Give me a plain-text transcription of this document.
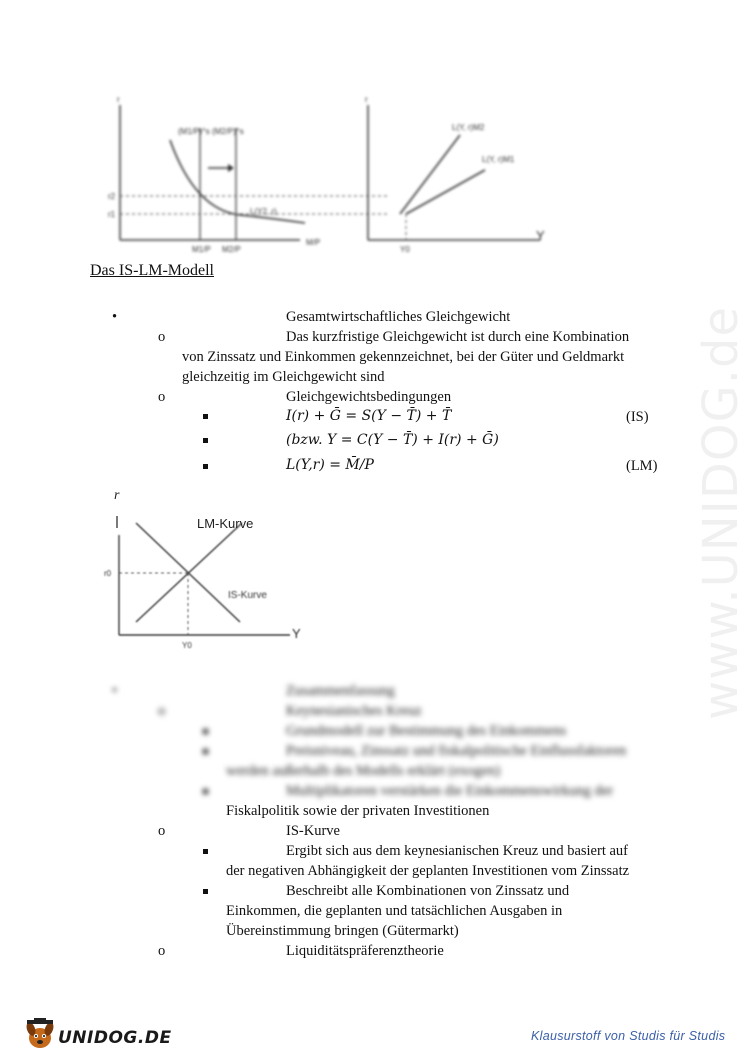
www.UNIDOG.de
r
r2
r1
(M1/P)^s (M2/P)^s
L(Y2, r)
M1/P M2/P
M/P
r
L(Y, r)M2
L(Y, r)M1
Y0
Y
Das IS-LM-Modell
•	Gesamtwirtschaftliches Gleichgewicht
o	Das kurzfristige Gleichgewicht ist durch eine Kombination
von Zinssatz und Einkommen gekennzeichnet, bei der Güter und Geldmarkt
gleichzeitig im Gleichgewicht sind
o	Gleichgewichtsbedingungen
I(r) + Ḡ = S(Y − T̄) + T̄	(IS)
(bzw. Y = C(Y − T̄) + I(r) + Ḡ)
L(Y,r) = M̄/P	(LM)
r
r0
Y0
IS-Kurve
Y
LM-Kurve
•	Zusammenfassung
o	Keynesianisches Kreuz
Grundmodell zur Bestimmung des Einkommens
Preisniveau, Zinssatz und fiskalpolitische Einflussfaktoren
werden außerhalb des Modells erklärt (exogen)
Multiplikatoren verstärken die Einkommenswirkung der
Fiskalpolitik sowie der privaten Investitionen
o	IS-Kurve
Ergibt sich aus dem keynesianischen Kreuz und basiert auf
der negativen Abhängigkeit der geplanten Investitionen vom Zinssatz
Beschreibt alle Kombinationen von Zinssatz und
Einkommen, die geplanten und tatsächlichen Ausgaben in
Übereinstimmung bringen (Gütermarkt)
o	Liquiditätspräferenztheorie
UNIDOG.DE	Klausurstoff von Studis für Studis
